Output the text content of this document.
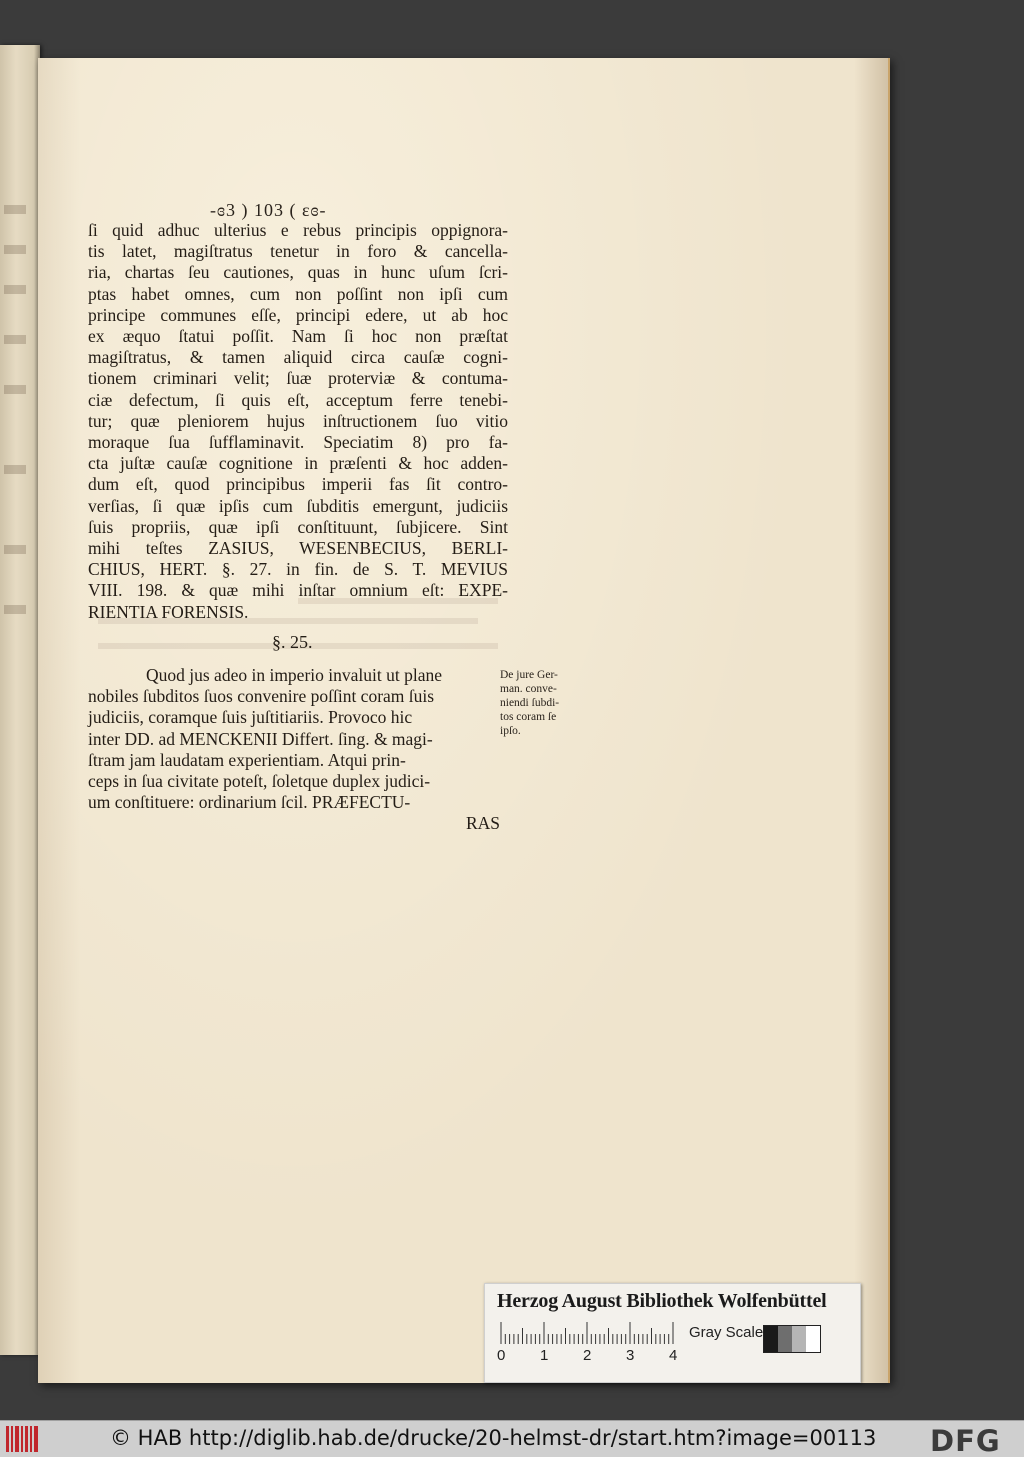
-ɞ3 ) 103 ( ɛɞ-
ſi quid adhuc ulterius e rebus principis oppignora-
tis latet, magiſtratus tenetur in foro & cancella-
ria, chartas ſeu cautiones, quas in hunc uſum ſcri-
ptas habet omnes, cum non poſſint non ipſi cum
principe communes eſſe, principi edere, ut ab hoc
ex æquo ſtatui poſſit. Nam ſi hoc non præſtat
magiſtratus, & tamen aliquid circa cauſæ cogni-
tionem criminari velit; ſuæ proterviæ & contuma-
ciæ defectum, ſi quis eſt, acceptum ferre tenebi-
tur; quæ pleniorem hujus inſtructionem ſuo vitio
moraque ſua ſufflaminavit. Speciatim 8) pro fa-
cta juſtæ cauſæ cognitione in præſenti & hoc adden-
dum eſt, quod principibus imperii fas ſit contro-
verſias, ſi quæ ipſis cum ſubditis emergunt, judiciis
ſuis propriis, quæ ipſi conſtituunt, ſubjicere. Sint
mihi teſtes ZASIUS, WESENBECIUS, BERLI-
CHIUS, HERT. §. 27. in fin. de S. T. MEVIUS
VIII. 198. & quæ mihi inſtar omnium eſt: EXPE-
RIENTIA FORENSIS.
§. 25.
Quod jus adeo in imperio invaluit ut plane
nobiles ſubditos ſuos convenire poſſint coram ſuis
judiciis, coramque ſuis juſtitiariis. Provoco hic
inter DD. ad MENCKENII Differt. ſing. & magi-
ſtram jam laudatam experientiam. Atqui prin-
ceps in ſua civitate poteſt, ſoletque duplex judici-
um conſtituere: ordinarium ſcil. PRÆFECTU-
RAS
De jure Ger-
man. conve-
niendi ſubdi-
tos coram ſe
ipſo.
Herzog August Bibliothek Wolfenbüttel
0 1 2 3 4
Gray Scale
© HAB http://diglib.hab.de/drucke/20-helmst-dr/start.htm?image=00113 DFG
